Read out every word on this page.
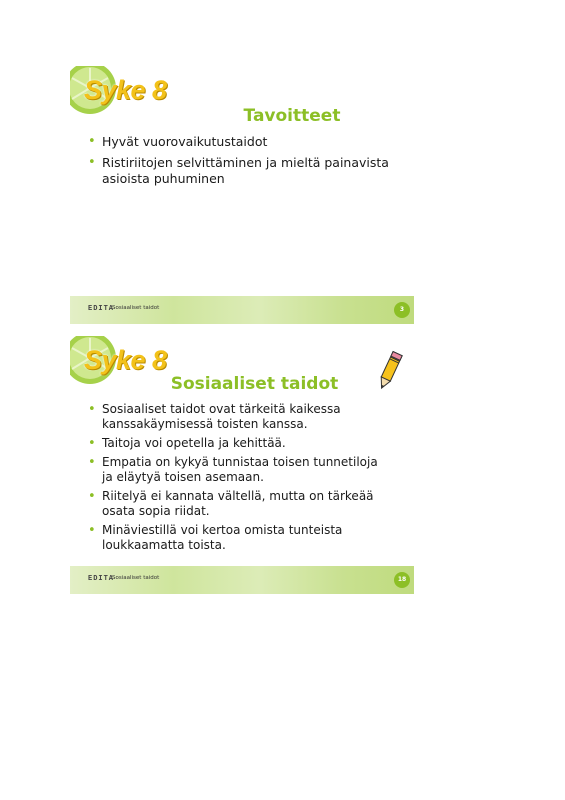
Syke 8
Tavoitteet
• Hyvät vuorovaikutustaidot
• Ristiriitojen selvittäminen ja mieltä painavista asioista puhuminen
EDITA
Sosiaaliset taidot	3
Syke 8
Sosiaaliset taidot
• Sosiaaliset taidot ovat tärkeitä kaikessa kanssakäymisessä toisten kanssa.
• Taitoja voi opetella ja kehittää.
• Empatia on kykyä tunnistaa toisen tunnetiloja ja eläytyä toisen asemaan.
• Riitelyä ei kannata vältellä, mutta on tärkeää osata sopia riidat.
• Minäviestillä voi kertoa omista tunteista loukkaamatta toista.
EDITA
Sosiaaliset taidot	18
